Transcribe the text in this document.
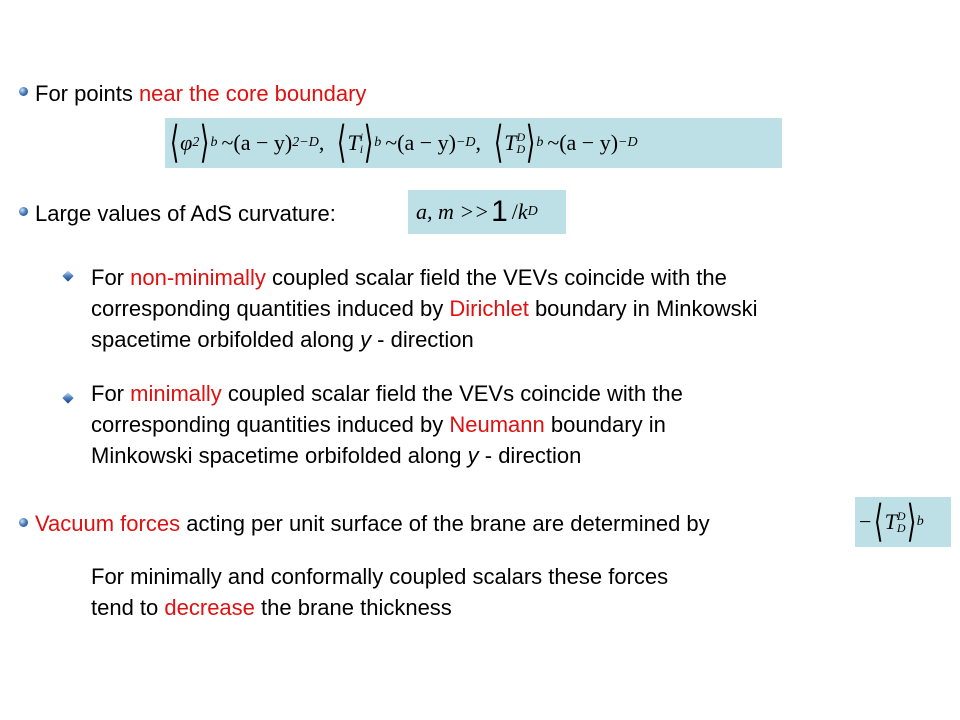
For points near the core boundary
⟨ φ 2 ⟩ b ~(a − y) 2−D , ⟨ T i
i ⟩ b ~(a − y) −D , ⟨ T D
D ⟩ b ~(a − y) −D
Large values of AdS curvature:	a, m >> 1 / k D
For non-minimally coupled scalar field the VEVs coincide with the
corresponding quantities induced by Dirichlet boundary in Minkowski
spacetime orbifolded along y - direction
For minimally coupled scalar field the VEVs coincide with the
corresponding quantities induced by Neumann boundary in
Minkowski spacetime orbifolded along y - direction
Vacuum forces acting per unit surface of the brane are determined by	− ⟨ T D
D ⟩ b
For minimally and conformally coupled scalars these forces
tend to decrease the brane thickness
